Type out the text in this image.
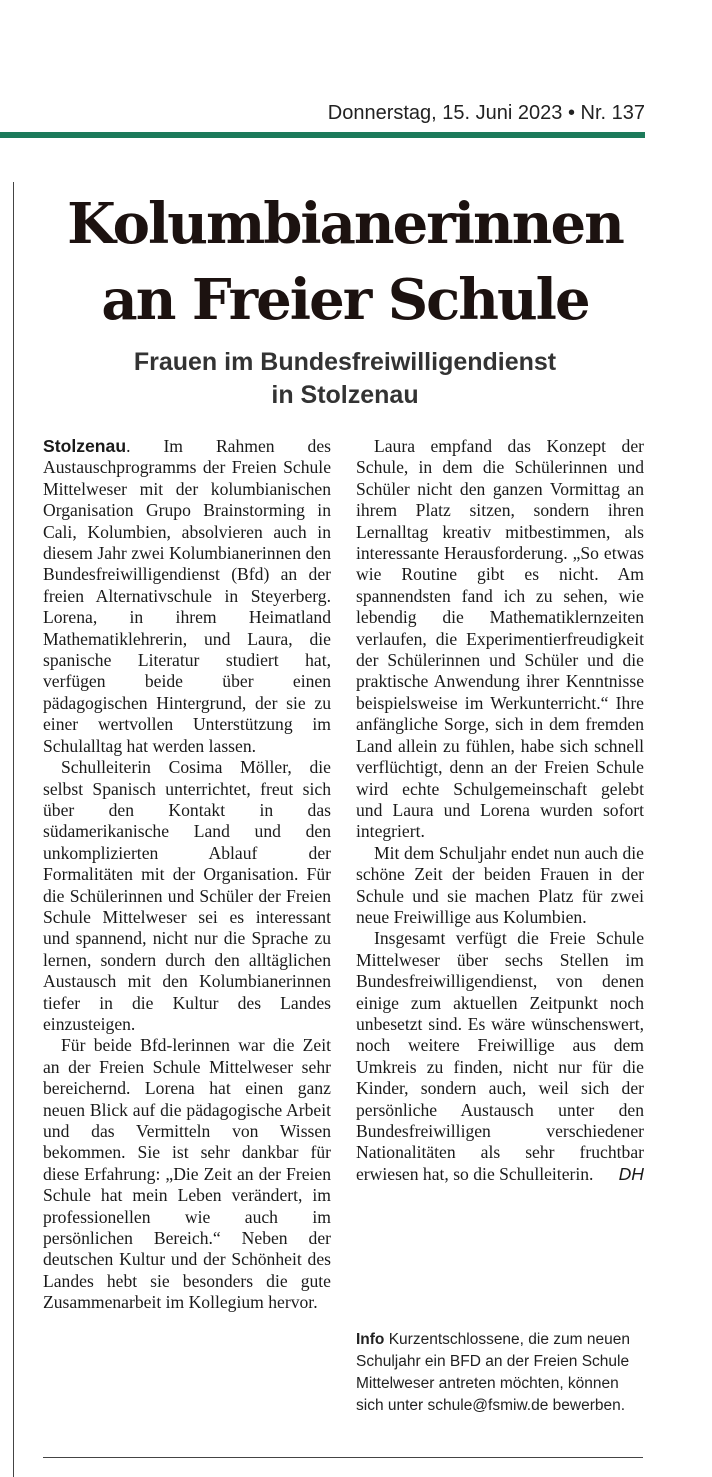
Donnerstag, 15. Juni 2023 • Nr. 137
Kolumbianerinnen
an Freier Schule
Frauen im Bundesfreiwilligendienst
in Stolzenau

Stolzenau. Im Rahmen des Austauschprogramms der Freien Schule Mittelweser mit der kolumbianischen Organisation Grupo Brainstorming in Cali, Kolumbien, absolvieren auch in diesem Jahr zwei Kolumbianerinnen den Bundesfreiwilligendienst (Bfd) an der freien Alternativschule in Steyerberg. Lorena, in ihrem Heimatland Mathematiklehrerin, und Laura, die spanische Literatur studiert hat, verfügen beide über einen pädagogischen Hintergrund, der sie zu einer wertvollen Unterstützung im Schulalltag hat werden lassen.

Schulleiterin Cosima Möller, die selbst Spanisch unterrichtet, freut sich über den Kontakt in das südamerikanische Land und den unkomplizierten Ablauf der Formalitäten mit der Organisation. Für die Schülerinnen und Schüler der Freien Schule Mittelweser sei es interessant und spannend, nicht nur die Sprache zu lernen, sondern durch den alltäglichen Austausch mit den Kolumbianerinnen tiefer in die Kultur des Landes einzusteigen.

Für beide Bfd-lerinnen war die Zeit an der Freien Schule Mittelweser sehr bereichernd. Lorena hat einen ganz neuen Blick auf die pädagogische Arbeit und das Vermitteln von Wissen bekommen. Sie ist sehr dankbar für diese Erfahrung: „Die Zeit an der Freien Schule hat mein Leben verändert, im professionellen wie auch im persönlichen Bereich.“ Neben der deutschen Kultur und der Schönheit des Landes hebt sie besonders die gute Zusammenarbeit im Kollegium hervor.

Laura empfand das Konzept der Schule, in dem die Schülerinnen und Schüler nicht den ganzen Vormittag an ihrem Platz sitzen, sondern ihren Lernalltag kreativ mitbestimmen, als interessante Herausforderung. „So etwas wie Routine gibt es nicht. Am spannendsten fand ich zu sehen, wie lebendig die Mathematiklernzeiten verlaufen, die Experimentierfreudigkeit der Schülerinnen und Schüler und die praktische Anwendung ihrer Kenntnisse beispielsweise im Werkunterricht.“ Ihre anfängliche Sorge, sich in dem fremden Land allein zu fühlen, habe sich schnell verflüchtigt, denn an der Freien Schule wird echte Schulgemeinschaft gelebt und Laura und Lorena wurden sofort integriert.

Mit dem Schuljahr endet nun auch die schöne Zeit der beiden Frauen in der Schule und sie machen Platz für zwei neue Freiwillige aus Kolumbien.

Insgesamt verfügt die Freie Schule Mittelweser über sechs Stellen im Bundesfreiwilligendienst, von denen einige zum aktuellen Zeitpunkt noch unbesetzt sind. Es wäre wünschenswert, noch weitere Freiwillige aus dem Umkreis zu finden, nicht nur für die Kinder, sondern auch, weil sich der persönliche Austausch unter den Bundesfreiwilligen verschiedener Nationalitäten als sehr fruchtbar erwiesen hat, so die Schulleiterin.	DH

Info Kurzentschlossene, die zum neuen Schuljahr ein BFD an der Freien Schule Mittelweser antreten möchten, können sich unter schule@fsmiw.de bewerben.
